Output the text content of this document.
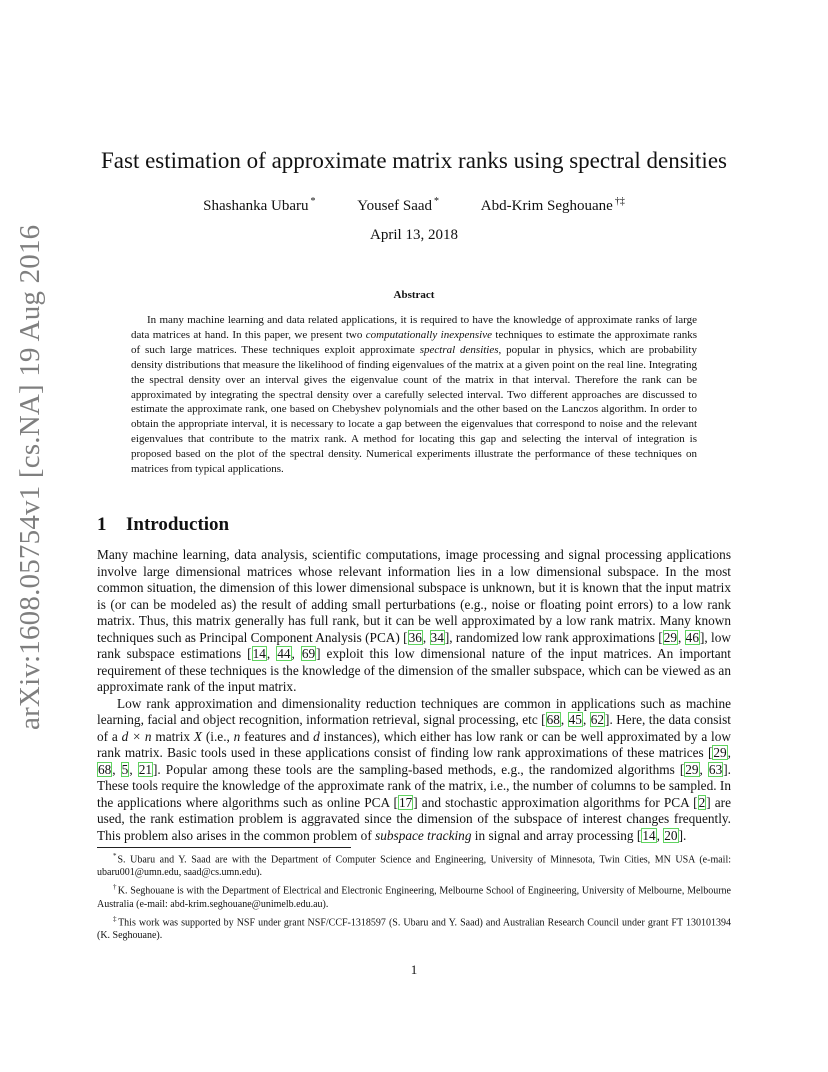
arXiv:1608.05754v1 [cs.NA] 19 Aug 2016
Fast estimation of approximate matrix ranks using spectral densities
Shashanka Ubaru *	Yousef Saad *	Abd-Krim Seghouane †‡
April 13, 2018
Abstract
In many machine learning and data related applications, it is required to have the knowledge of approximate ranks of large data matrices at hand. In this paper, we present two computationally inexpensive techniques to estimate the approximate ranks of such large matrices. These techniques exploit approximate spectral densities, popular in physics, which are probability density distributions that measure the likelihood of finding eigenvalues of the matrix at a given point on the real line. Integrating the spectral density over an interval gives the eigenvalue count of the matrix in that interval. Therefore the rank can be approximated by integrating the spectral density over a carefully selected interval. Two different approaches are discussed to estimate the approximate rank, one based on Chebyshev polynomials and the other based on the Lanczos algorithm. In order to obtain the appropriate interval, it is necessary to locate a gap between the eigenvalues that correspond to noise and the relevant eigenvalues that contribute to the matrix rank. A method for locating this gap and selecting the interval of integration is proposed based on the plot of the spectral density. Numerical experiments illustrate the performance of these techniques on matrices from typical applications.
1 Introduction

Many machine learning, data analysis, scientific computations, image processing and signal processing applications involve large dimensional matrices whose relevant information lies in a low dimensional subspace. In the most common situation, the dimension of this lower dimensional subspace is unknown, but it is known that the input matrix is (or can be modeled as) the result of adding small perturbations (e.g., noise or floating point errors) to a low rank matrix. Thus, this matrix generally has full rank, but it can be well approximated by a low rank matrix. Many known techniques such as Principal Component Analysis (PCA) [36, 34], randomized low rank approximations [29, 46], low rank subspace estimations [14, 44, 69] exploit this low dimensional nature of the input matrices. An important requirement of these techniques is the knowledge of the dimension of the smaller subspace, which can be viewed as an approximate rank of the input matrix.

Low rank approximation and dimensionality reduction techniques are common in applications such as machine learning, facial and object recognition, information retrieval, signal processing, etc [68, 45, 62]. Here, the data consist of a d × n matrix X (i.e., n features and d instances), which either has low rank or can be well approximated by a low rank matrix. Basic tools used in these applications consist of finding low rank approximations of these matrices [29, 68, 5, 21]. Popular among these tools are the sampling-based methods, e.g., the randomized algorithms [29, 63]. These tools require the knowledge of the approximate rank of the matrix, i.e., the number of columns to be sampled. In the applications where algorithms such as online PCA [17] and stochastic approximation algorithms for PCA [2] are used, the rank estimation problem is aggravated since the dimension of the subspace of interest changes frequently. This problem also arises in the common problem of subspace tracking in signal and array processing [14, 20].

*S. Ubaru and Y. Saad are with the Department of Computer Science and Engineering, University of Minnesota, Twin Cities, MN USA (e-mail: ubaru001@umn.edu, saad@cs.umn.edu).

†K. Seghouane is with the Department of Electrical and Electronic Engineering, Melbourne School of Engineering, University of Melbourne, Melbourne Australia (e-mail: abd-krim.seghouane@unimelb.edu.au).

‡This work was supported by NSF under grant NSF/CCF-1318597 (S. Ubaru and Y. Saad) and Australian Research Council under grant FT 130101394 (K. Seghouane).

1
